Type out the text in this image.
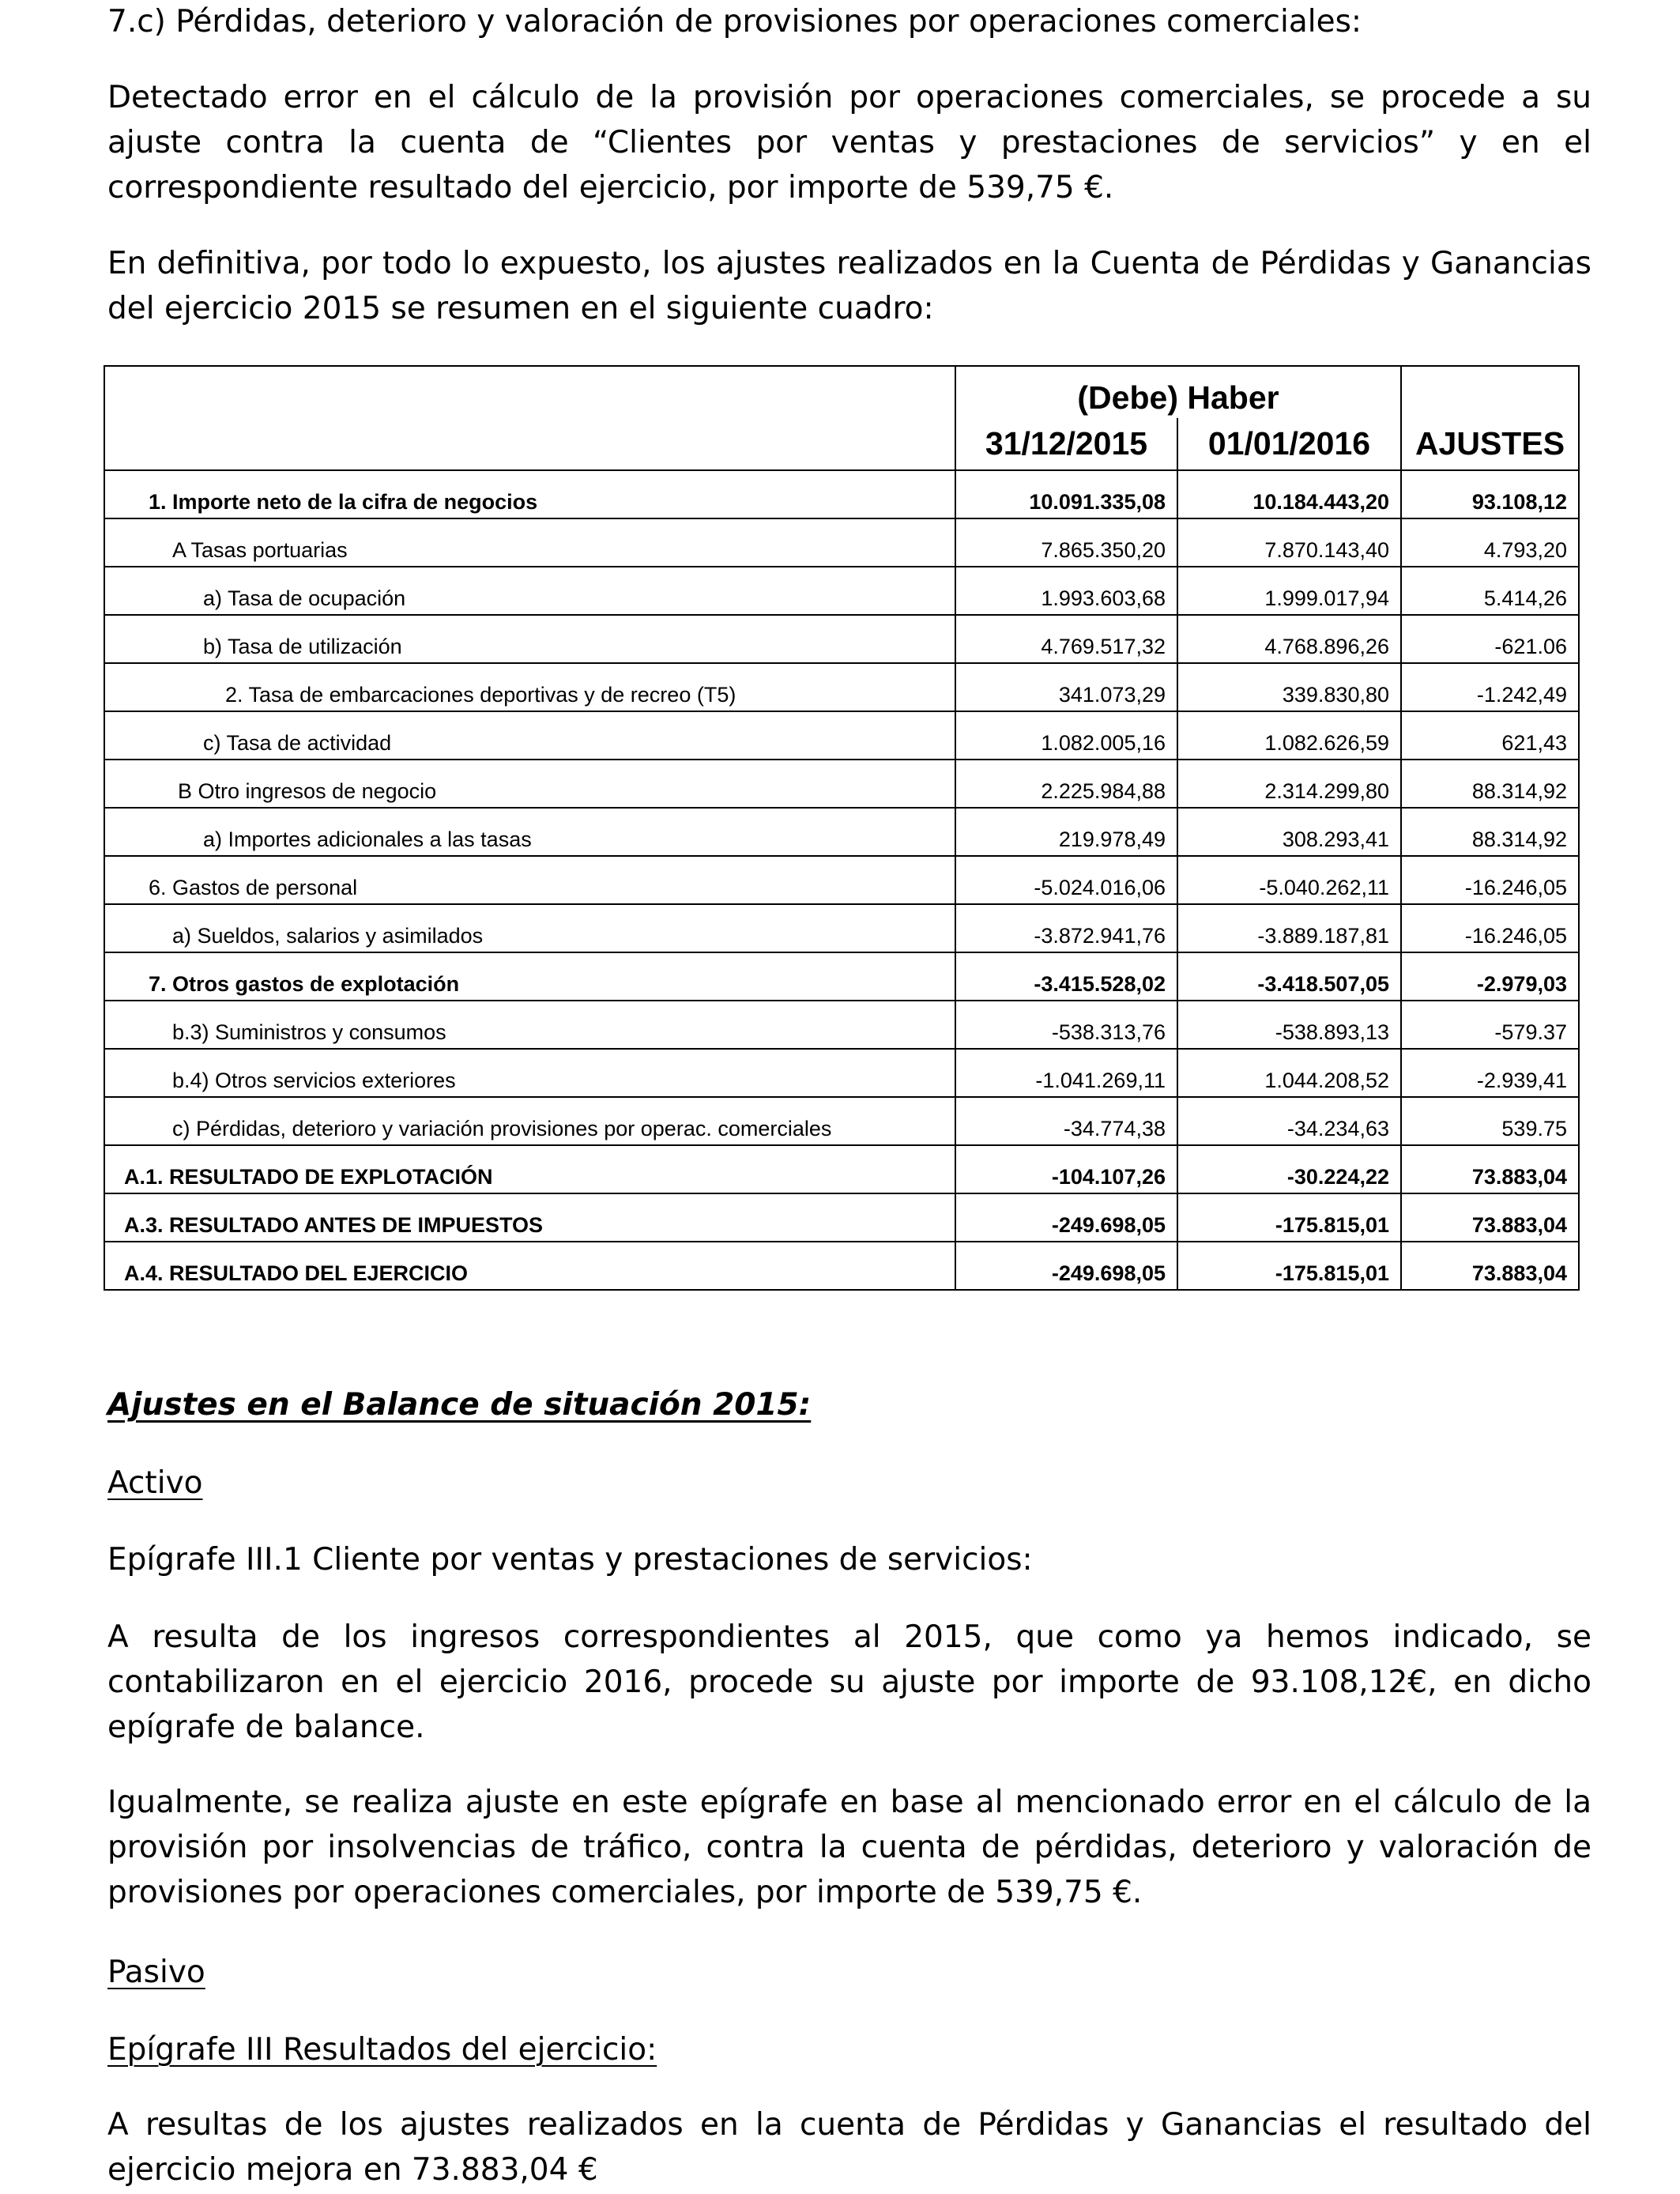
7.c) Pérdidas, deterioro y valoración de provisiones por operaciones comerciales:

Detectado error en el cálculo de la provisión por operaciones comerciales, se procede a su ajuste contra la cuenta de “Clientes por ventas y prestaciones de servicios” y en el correspondiente resultado del ejercicio, por importe de 539,75 €.

En definitiva, por todo lo expuesto, los ajustes realizados en la Cuenta de Pérdidas y Ganancias del ejercicio 2015 se resumen en el siguiente cuadro:

	(Debe) Haber		
	31/12/2015	01/01/2016	AJUSTES
1. Importe neto de la cifra de negocios	10.091.335,08	10.184.443,20	93.108,12
A Tasas portuarias	7.865.350,20	7.870.143,40	4.793,20
a) Tasa de ocupación	1.993.603,68	1.999.017,94	5.414,26
b) Tasa de utilización	4.769.517,32	4.768.896,26	-621.06
2. Tasa de embarcaciones deportivas y de recreo (T5)	341.073,29	339.830,80	-1.242,49
c) Tasa de actividad	1.082.005,16	1.082.626,59	621,43
B Otro ingresos de negocio	2.225.984,88	2.314.299,80	88.314,92
a) Importes adicionales a las tasas	219.978,49	308.293,41	88.314,92
6. Gastos de personal	-5.024.016,06	-5.040.262,11	-16.246,05
a) Sueldos, salarios y asimilados	-3.872.941,76	-3.889.187,81	-16.246,05
7. Otros gastos de explotación	-3.415.528,02	-3.418.507,05	-2.979,03
b.3) Suministros y consumos	-538.313,76	-538.893,13	-579.37
b.4) Otros servicios exteriores	-1.041.269,11	1.044.208,52	-2.939,41
c) Pérdidas, deterioro y variación provisiones por operac. comerciales	-34.774,38	-34.234,63	539.75
A.1. RESULTADO DE EXPLOTACIÓN	-104.107,26	-30.224,22	73.883,04
A.3. RESULTADO ANTES DE IMPUESTOS	-249.698,05	-175.815,01	73.883,04
A.4. RESULTADO DEL EJERCICIO	-249.698,05	-175.815,01	73.883,04

Ajustes en el Balance de situación 2015:

Activo

Epígrafe III.1 Cliente por ventas y prestaciones de servicios:

A resulta de los ingresos correspondientes al 2015, que como ya hemos indicado, se contabilizaron en el ejercicio 2016, procede su ajuste por importe de 93.108,12€, en dicho epígrafe de balance.

Igualmente, se realiza ajuste en este epígrafe en base al mencionado error en el cálculo de la provisión por insolvencias de tráfico, contra la cuenta de pérdidas, deterioro y valoración de provisiones por operaciones comerciales, por importe de 539,75 €.

Pasivo

Epígrafe III Resultados del ejercicio:

A resultas de los ajustes realizados en la cuenta de Pérdidas y Ganancias el resultado del ejercicio mejora en 73.883,04 €
